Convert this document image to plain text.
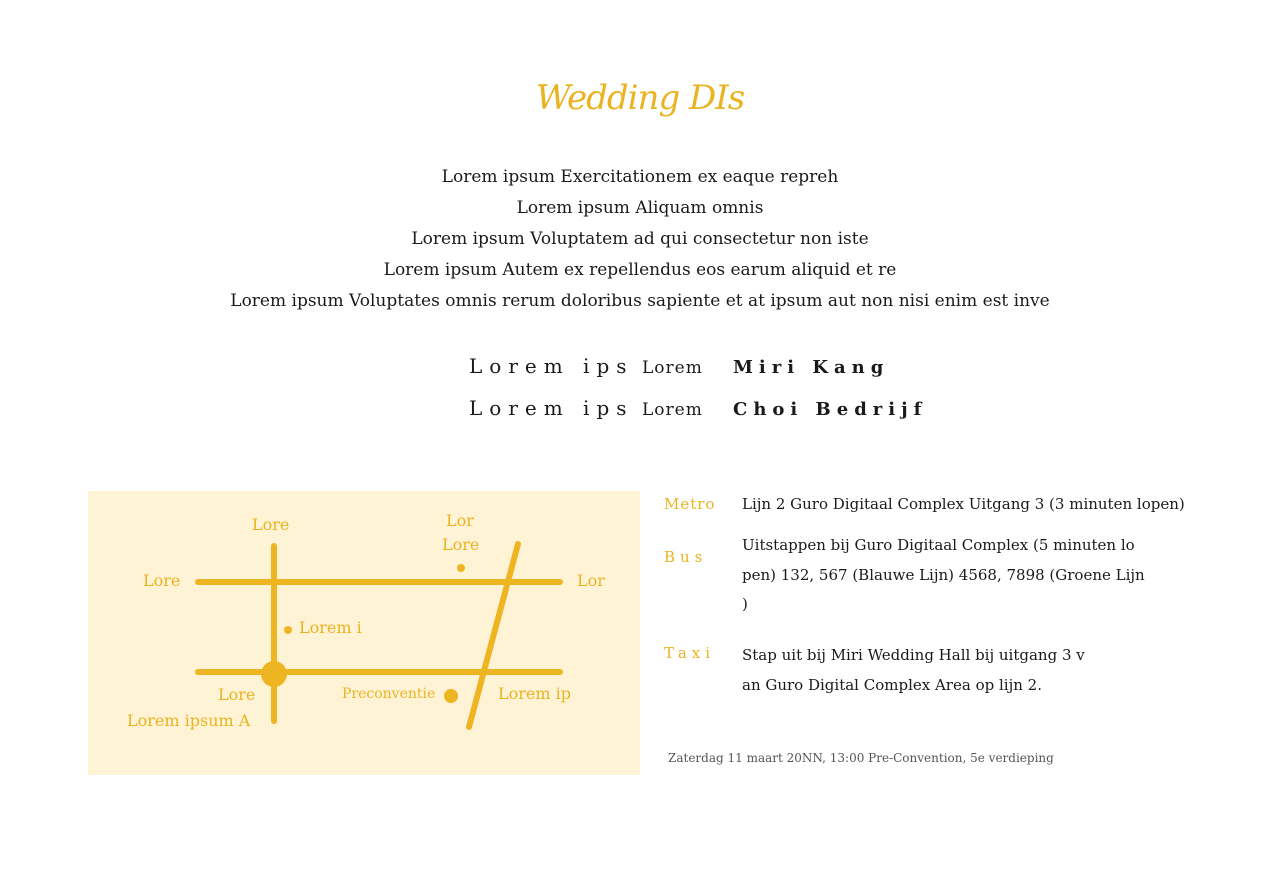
Wedding DIs
Lorem ipsum Exercitationem ex eaque repreh
Lorem ipsum Aliquam omnis
Lorem ipsum Voluptatem ad qui consectetur non iste
Lorem ipsum Autem ex repellendus eos earum aliquid et re
Lorem ipsum Voluptates omnis rerum doloribus sapiente et at ipsum aut non nisi enim est inve
Lorem ips Lorem Miri Kang
Lorem ips Lorem Choi Bedrijf
Lore	Lor
Lore
Lore	Lor
Lorem i
Lore
Lorem ipsum A
Preconventie	Lorem ip
Metro Lijn 2 Guro Digitaal Complex Uitgang 3 (3 minuten lopen)
Bus
Uitstappen bij Guro Digitaal Complex (5 minuten lo
pen) 132, 567 (Blauwe Lijn) 4568, 7898 (Groene Lijn
)
Taxi Stap uit bij Miri Wedding Hall bij uitgang 3 v
an Guro Digital Complex Area op lijn 2.
Zaterdag 11 maart 20NN, 13:00 Pre-Convention, 5e verdieping
